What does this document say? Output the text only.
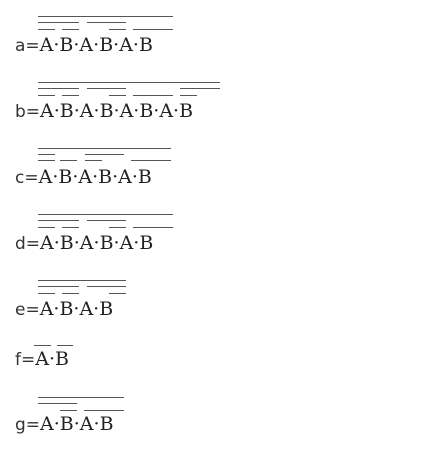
a= A·B·A·B·A·B
b= A·B·A·B·A·B·A·B
c= A·B·A·B·A·B
d= A·B·A·B·A·B
e= A·B·A·B
f= A·B
g= A·B·A·B
